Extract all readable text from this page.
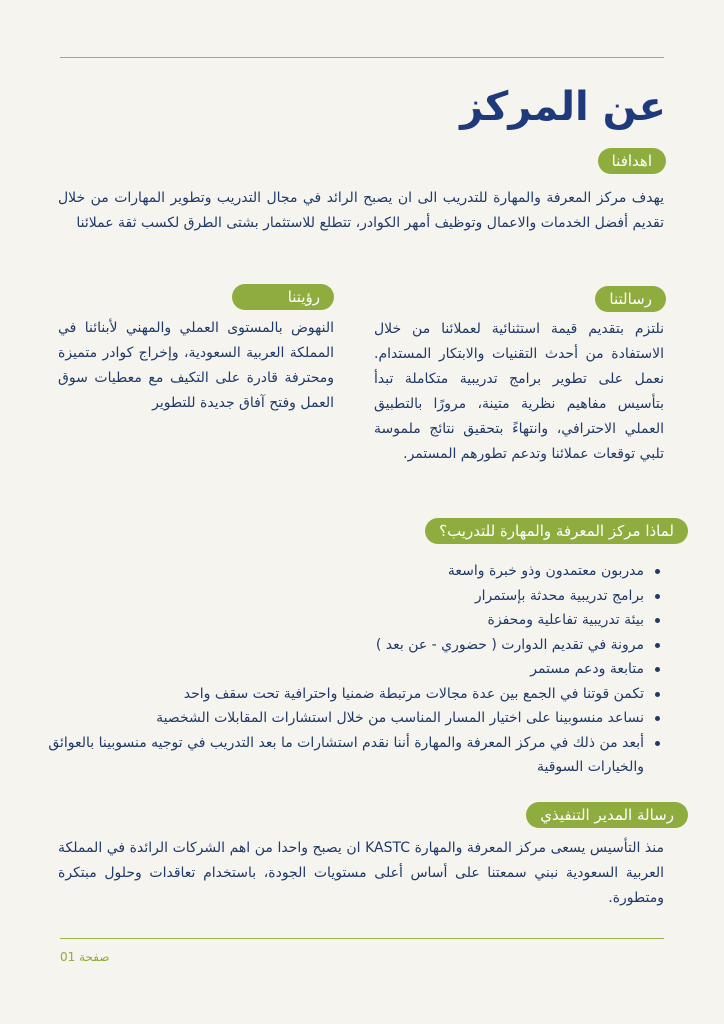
عن المركز
اهدافنا

يهدف مركز المعرفة والمهارة للتدريب الى ان يصبح الرائد في مجال التدريب وتطوير المهارات من خلال تقديم أفضل الخدمات والاعمال وتوظيف أمهر الكوادر، تتطلع للاستثمار بشتى الطرق لكسب ثقة عملائنا

رسالتنا

نلتزم بتقديم قيمة استثنائية لعملائنا من خلال الاستفادة من أحدث التقنيات والابتكار المستدام. نعمل على تطوير برامج تدريبية متكاملة تبدأ بتأسيس مفاهيم نظرية متينة، مرورًا بالتطبيق العملي الاحترافي، وانتهاءً بتحقيق نتائج ملموسة تلبي توقعات عملائنا وتدعم تطورهم المستمر.

رؤيتنا

النهوض بالمستوى العملي والمهني لأبنائنا في المملكة العربية السعودية، وإخراج كوادر متميزة ومحترفة قادرة على التكيف مع معطيات سوق العمل وفتح آفاق جديدة للتطوير

لماذا مركز المعرفة والمهارة للتدريب؟
مدربون معتمدون وذو خبرة واسعة
برامج تدريبية محدثة بإستمرار
بيئة تدريبية تفاعلية ومحفزة
مرونة في تقديم الدوارت ( حضوري - عن بعد )
متابعة ودعم مستمر
تكمن قوتنا في الجمع بين عدة مجالات مرتبطة ضمنيا واحترافية تحت سقف واحد
نساعد منسوبينا على اختيار المسار المناسب من خلال استشارات المقابلات الشخصية
أبعد من ذلك في مركز المعرفة والمهارة أننا نقدم استشارات ما بعد التدريب في توجيه منسوبينا بالعوائق والخيارات السوقية
رسالة المدير التنفيذي

منذ التأسيس يسعى مركز المعرفة والمهارة KASTC ان يصبح واحدا من اهم الشركات الرائدة في المملكة العربية السعودية نبني سمعتنا على أساس أعلى مستويات الجودة، باستخدام تعاقدات وحلول مبتكرة ومتطورة.

صفحة 01
